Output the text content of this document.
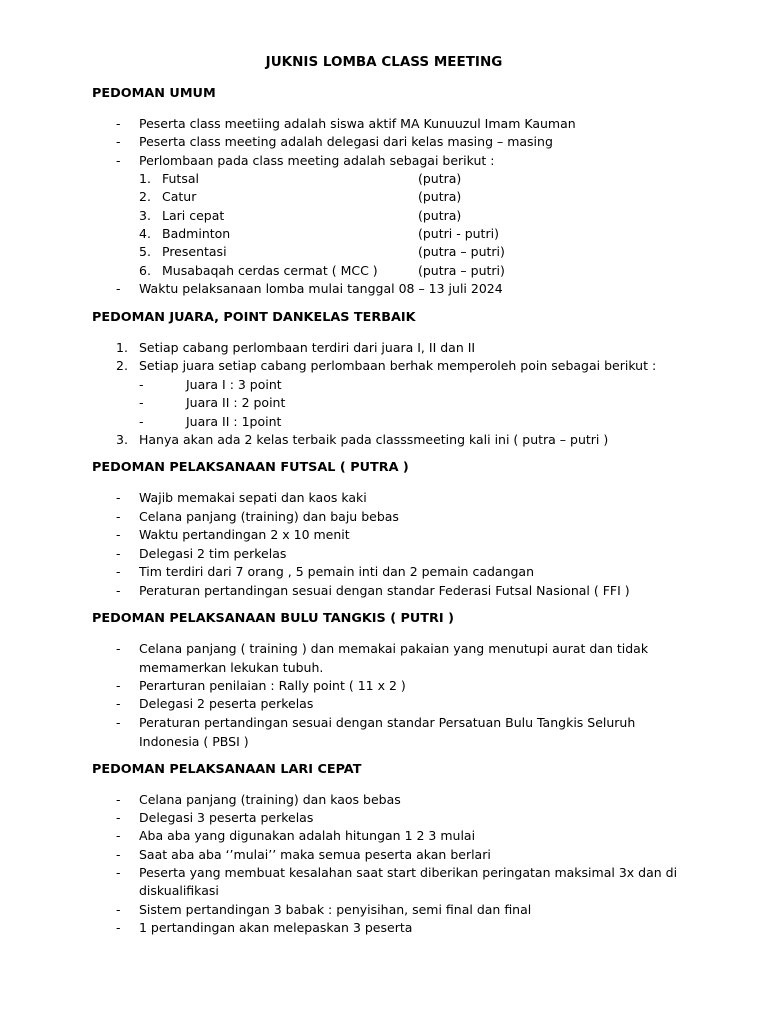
JUKNIS LOMBA CLASS MEETING
PEDOMAN UMUM
- Peserta class meetiing adalah siswa aktif MA Kunuuzul Imam Kauman
- Peserta class meeting adalah delegasi dari kelas masing – masing
- Perlombaan pada class meeting adalah sebagai berikut :
1. Futsal	(putra)
2. Catur	(putra)
3. Lari cepat	(putra)
4. Badminton	(putri - putri)
5. Presentasi	(putra – putri)
6. Musabaqah cerdas cermat ( MCC )	(putra – putri)
- Waktu pelaksanaan lomba mulai tanggal 08 – 13 juli 2024
PEDOMAN JUARA, POINT DANKELAS TERBAIK
1. Setiap cabang perlombaan terdiri dari juara I, II dan II
2. Setiap juara setiap cabang perlombaan berhak memperoleh poin sebagai berikut :
-	Juara I : 3 point
-	Juara II : 2 point
-	Juara II : 1point
3. Hanya akan ada 2 kelas terbaik pada classsmeeting kali ini ( putra – putri )
PEDOMAN PELAKSANAAN FUTSAL ( PUTRA )
- Wajib memakai sepati dan kaos kaki
- Celana panjang (training) dan baju bebas
- Waktu pertandingan 2 x 10 menit
- Delegasi 2 tim perkelas
- Tim terdiri dari 7 orang , 5 pemain inti dan 2 pemain cadangan
- Peraturan pertandingan sesuai dengan standar Federasi Futsal Nasional ( FFI )
PEDOMAN PELAKSANAAN BULU TANGKIS ( PUTRI )
- Celana panjang ( training ) dan memakai pakaian yang menutupi aurat dan tidak
memamerkan lekukan tubuh.
- Perarturan penilaian : Rally point ( 11 x 2 )
- Delegasi 2 peserta perkelas
- Peraturan pertandingan sesuai dengan standar Persatuan Bulu Tangkis Seluruh
Indonesia ( PBSI )
PEDOMAN PELAKSANAAN LARI CEPAT
- Celana panjang (training) dan kaos bebas
- Delegasi 3 peserta perkelas
- Aba aba yang digunakan adalah hitungan 1 2 3 mulai
- Saat aba aba ‘’mulai’’ maka semua peserta akan berlari
- Peserta yang membuat kesalahan saat start diberikan peringatan maksimal 3x dan di
diskualifikasi
- Sistem pertandingan 3 babak : penyisihan, semi final dan final
- 1 pertandingan akan melepaskan 3 peserta
